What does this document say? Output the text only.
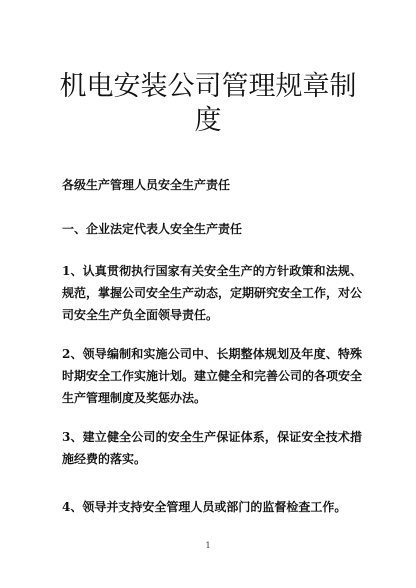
机电安装公司管理规章制度
各级生产管理人员安全生产责任
一、企业法定代表人安全生产责任
1、认真贯彻执行国家有关安全生产的方针政策和法规、规范，掌握公司安全生产动态，定期研究安全工作，对公司安全生产负全面领导责任。
2、领导编制和实施公司中、长期整体规划及年度、特殊时期安全工作实施计划。建立健全和完善公司的各项安全生产管理制度及奖惩办法。
3、建立健全公司的安全生产保证体系，保证安全技术措施经费的落实。
4、领导并支持安全管理人员或部门的监督检查工作。
1
